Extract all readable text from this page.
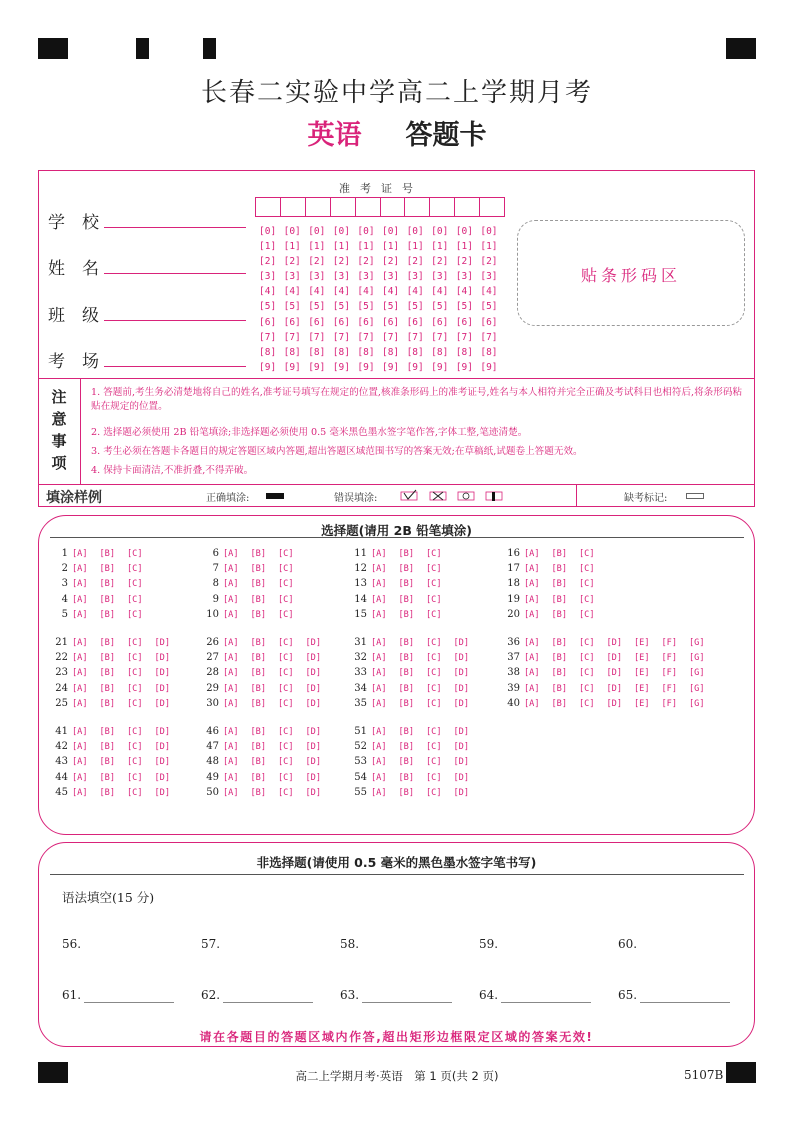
长春二实验中学高二上学期月考
英语 答题卡
学　校
姓　名
班　级
考　场
准考证号
[0] [0] [0] [0] [0] [0] [0] [0] [0] [0]
[1] [1] [1] [1] [1] [1] [1] [1] [1] [1]
[2] [2] [2] [2] [2] [2] [2] [2] [2] [2]
[3] [3] [3] [3] [3] [3] [3] [3] [3] [3]
[4] [4] [4] [4] [4] [4] [4] [4] [4] [4]
[5] [5] [5] [5] [5] [5] [5] [5] [5] [5]
[6] [6] [6] [6] [6] [6] [6] [6] [6] [6]
[7] [7] [7] [7] [7] [7] [7] [7] [7] [7]
[8] [8] [8] [8] [8] [8] [8] [8] [8] [8]
[9] [9] [9] [9] [9] [9] [9] [9] [9] [9]
贴条形码区
注
意
事
项
1. 答题前,考生务必清楚地将自己的姓名,准考证号填写在规定的位置,核准条形码上的准考证号,姓名与本人相符并完全正确及考试科目也相符后,将条形码粘贴在规定的位置。
2. 选择题必须使用 2B 铅笔填涂;非选择题必须使用 0.5 毫米黑色墨水签字笔作答,字体工整,笔迹清楚。
3. 考生必须在答题卡各题目的规定答题区域内答题,超出答题区域范围书写的答案无效;在草稿纸,试题卷上答题无效。
4. 保持卡面清洁,不准折叠,不得弄破。
填涂样例	正确填涂:	错误填涂:	缺考标记:
选择题(请用 2B 铅笔填涂)
1 [A] [B] [C]
2 [A] [B] [C]
3 [A] [B] [C]
4 [A] [B] [C]
5 [A] [B] [C]
6 [A] [B] [C]
7 [A] [B] [C]
8 [A] [B] [C]
9 [A] [B] [C]
10 [A] [B] [C]
11 [A] [B] [C]
12 [A] [B] [C]
13 [A] [B] [C]
14 [A] [B] [C]
15 [A] [B] [C]
16 [A] [B] [C]
17 [A] [B] [C]
18 [A] [B] [C]
19 [A] [B] [C]
20 [A] [B] [C]
21 [A] [B] [C] [D]
22 [A] [B] [C] [D]
23 [A] [B] [C] [D]
24 [A] [B] [C] [D]
25 [A] [B] [C] [D]
26 [A] [B] [C] [D]
27 [A] [B] [C] [D]
28 [A] [B] [C] [D]
29 [A] [B] [C] [D]
30 [A] [B] [C] [D]
31 [A] [B] [C] [D]
32 [A] [B] [C] [D]
33 [A] [B] [C] [D]
34 [A] [B] [C] [D]
35 [A] [B] [C] [D]
36 [A] [B] [C] [D] [E] [F] [G]
37 [A] [B] [C] [D] [E] [F] [G]
38 [A] [B] [C] [D] [E] [F] [G]
39 [A] [B] [C] [D] [E] [F] [G]
40 [A] [B] [C] [D] [E] [F] [G]
41 [A] [B] [C] [D]
42 [A] [B] [C] [D]
43 [A] [B] [C] [D]
44 [A] [B] [C] [D]
45 [A] [B] [C] [D]
46 [A] [B] [C] [D]
47 [A] [B] [C] [D]
48 [A] [B] [C] [D]
49 [A] [B] [C] [D]
50 [A] [B] [C] [D]
51 [A] [B] [C] [D]
52 [A] [B] [C] [D]
53 [A] [B] [C] [D]
54 [A] [B] [C] [D]
55 [A] [B] [C] [D]
非选择题(请使用 0.5 毫米的黑色墨水签字笔书写)
语法填空(15 分)
56.	57.	58.	59.	60.
61.	62.	63.	64.	65.
请在各题目的答题区域内作答,超出矩形边框限定区域的答案无效!
高二上学期月考·英语　第 1 页(共 2 页)	5107B
